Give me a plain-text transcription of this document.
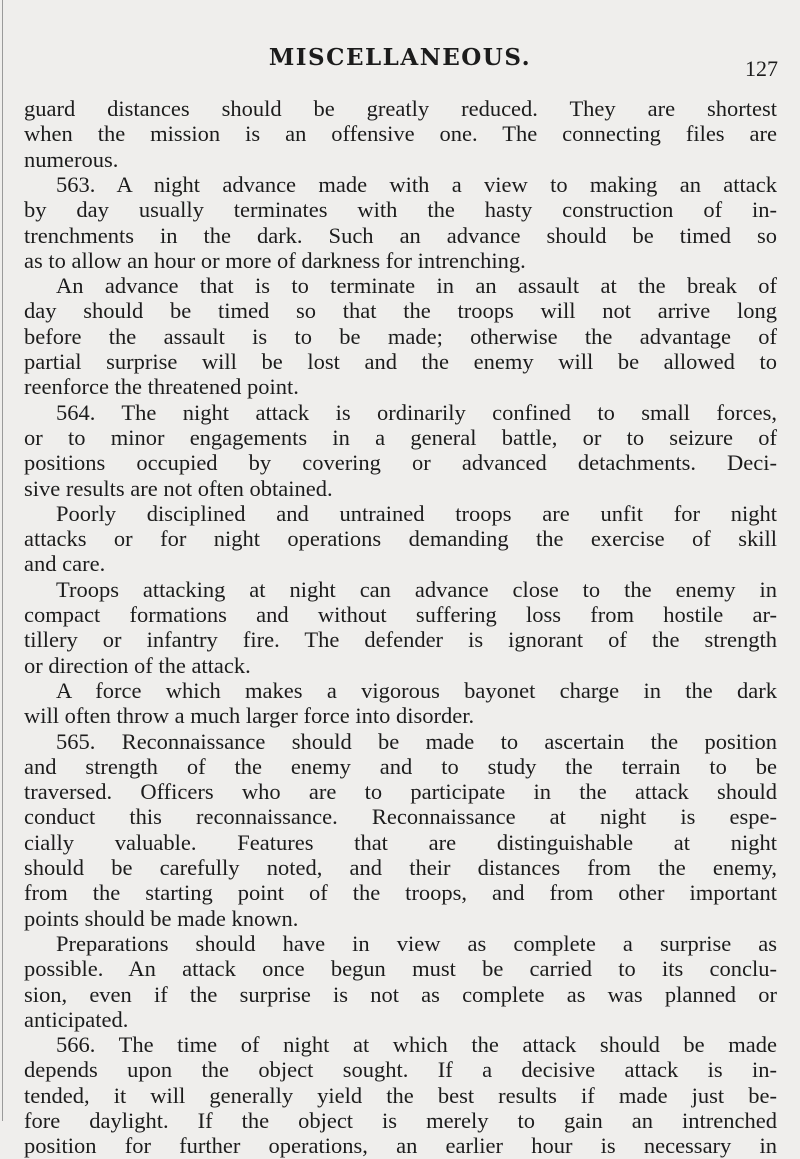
MISCELLANEOUS.	127
guard distances should be greatly reduced. They are shortest
when the mission is an offensive one. The connecting files are
numerous.
563. A night advance made with a view to making an attack
by day usually terminates with the hasty construction of in-
trenchments in the dark. Such an advance should be timed so
as to allow an hour or more of darkness for intrenching.
An advance that is to terminate in an assault at the break of
day should be timed so that the troops will not arrive long
before the assault is to be made; otherwise the advantage of
partial surprise will be lost and the enemy will be allowed to
reenforce the threatened point.
564. The night attack is ordinarily confined to small forces,
or to minor engagements in a general battle, or to seizure of
positions occupied by covering or advanced detachments. Deci-
sive results are not often obtained.
Poorly disciplined and untrained troops are unfit for night
attacks or for night operations demanding the exercise of skill
and care.
Troops attacking at night can advance close to the enemy in
compact formations and without suffering loss from hostile ar-
tillery or infantry fire. The defender is ignorant of the strength
or direction of the attack.
A force which makes a vigorous bayonet charge in the dark
will often throw a much larger force into disorder.
565. Reconnaissance should be made to ascertain the position
and strength of the enemy and to study the terrain to be
traversed. Officers who are to participate in the attack should
conduct this reconnaissance. Reconnaissance at night is espe-
cially valuable. Features that are distinguishable at night
should be carefully noted, and their distances from the enemy,
from the starting point of the troops, and from other important
points should be made known.
Preparations should have in view as complete a surprise as
possible. An attack once begun must be carried to its conclu-
sion, even if the surprise is not as complete as was planned or
anticipated.
566. The time of night at which the attack should be made
depends upon the object sought. If a decisive attack is in-
tended, it will generally yield the best results if made just be-
fore daylight. If the object is merely to gain an intrenched
position for further operations, an earlier hour is necessary in
